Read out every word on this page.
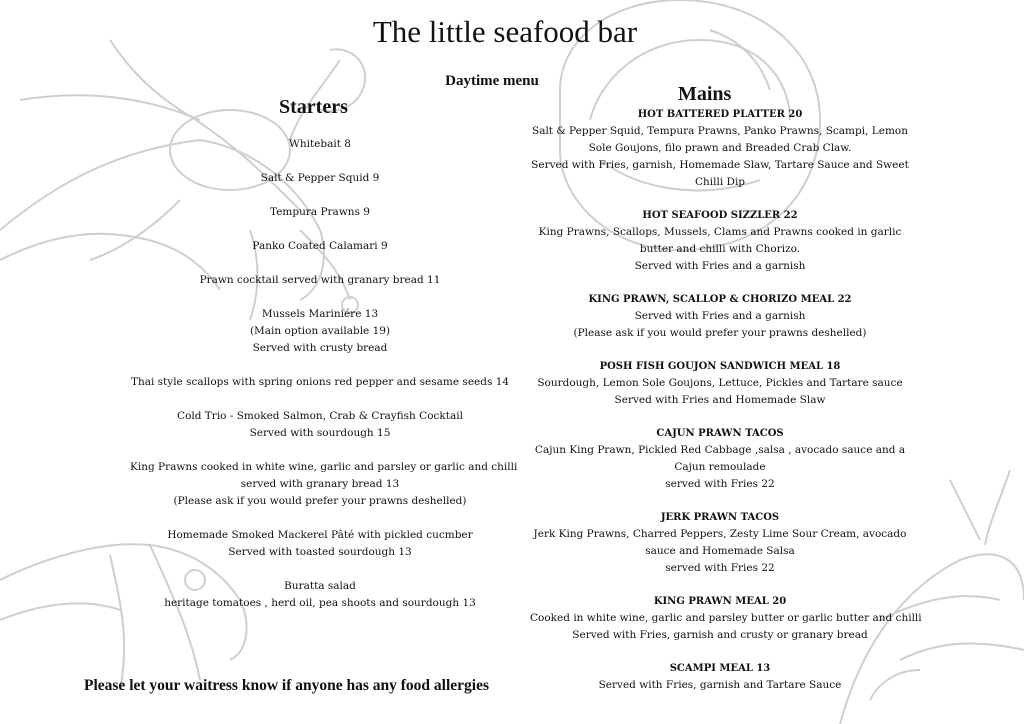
The little seafood bar
Daytime menu
Starters
Mains
Whitebait 8
Salt & Pepper Squid 9
Tempura Prawns 9
Panko Coated Calamari 9
Prawn cocktail served with granary bread 11
Mussels Mariniére 13
(Main option available 19)
Served with crusty bread
Thai style scallops with spring onions red pepper and sesame seeds 14
Cold Trio - Smoked Salmon, Crab & Crayfish Cocktail
Served with sourdough 15
King Prawns cooked in white wine, garlic and parsley or garlic and chilli
served with granary bread 13
(Please ask if you would prefer your prawns deshelled)
Homemade Smoked Mackerel Pâté with pickled cucmber
Served with toasted sourdough 13
Buratta salad
heritage tomatoes , herd oil, pea shoots and sourdough 13
HOT BATTERED PLATTER 20
Salt & Pepper Squid, Tempura Prawns, Panko Prawns, Scampi, Lemon
Sole Goujons, filo prawn and Breaded Crab Claw.
Served with Fries, garnish, Homemade Slaw, Tartare Sauce and Sweet
Chilli Dip
HOT SEAFOOD SIZZLER 22
King Prawns, Scallops, Mussels, Clams and Prawns cooked in garlic
butter and chilli with Chorizo.
Served with Fries and a garnish
KING PRAWN, SCALLOP & CHORIZO MEAL 22
Served with Fries and a garnish
(Please ask if you would prefer your prawns deshelled)
POSH FISH GOUJON SANDWICH MEAL 18
Sourdough, Lemon Sole Goujons, Lettuce, Pickles and Tartare sauce
Served with Fries and Homemade Slaw
CAJUN PRAWN TACOS
Cajun King Prawn, Pickled Red Cabbage ,salsa , avocado sauce and a
Cajun remoulade
served with Fries 22
JERK PRAWN TACOS
Jerk King Prawns, Charred Peppers, Zesty Lime Sour Cream, avocado
sauce and Homemade Salsa
served with Fries 22
KING PRAWN MEAL 20
Cooked in white wine, garlic and parsley butter or garlic butter and chilli
Served with Fries, garnish and crusty or granary bread
SCAMPI MEAL 13
Served with Fries, garnish and Tartare Sauce
Please let your waitress know if anyone has any food allergies
